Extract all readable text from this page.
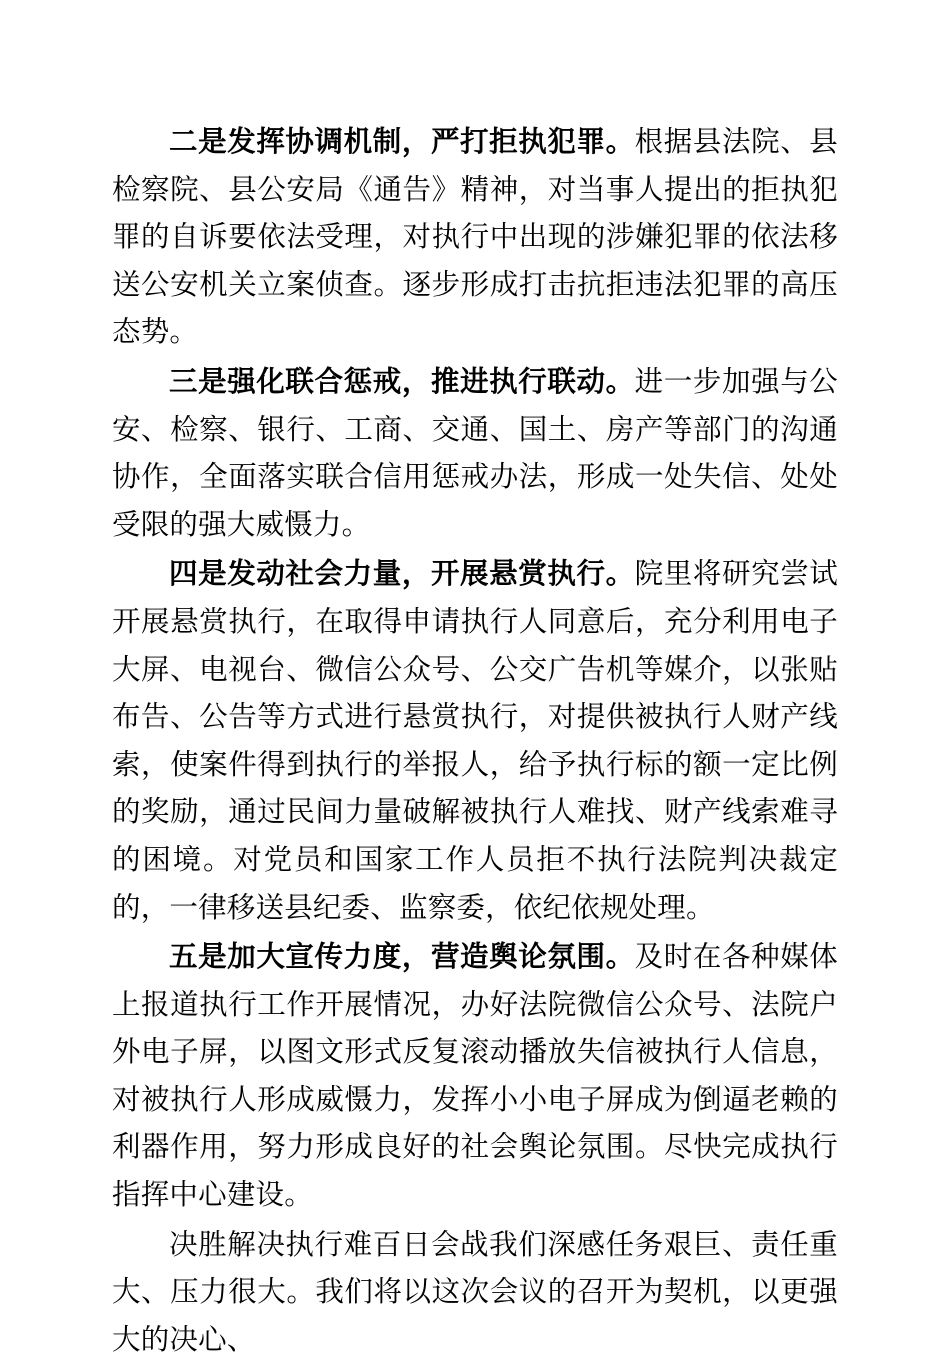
二是发挥协调机制，严打拒执犯罪。根据县法院、县检察院、县公安局《通告》精神，对当事人提出的拒执犯罪的自诉要依法受理，对执行中出现的涉嫌犯罪的依法移送公安机关立案侦查。逐步形成打击抗拒违法犯罪的高压态势。

三是强化联合惩戒，推进执行联动。进一步加强与公安、检察、银行、工商、交通、国土、房产等部门的沟通协作，全面落实联合信用惩戒办法，形成一处失信、处处受限的强大威慑力。

四是发动社会力量，开展悬赏执行。院里将研究尝试开展悬赏执行，在取得申请执行人同意后，充分利用电子大屏、电视台、微信公众号、公交广告机等媒介，以张贴布告、公告等方式进行悬赏执行，对提供被执行人财产线索，使案件得到执行的举报人，给予执行标的额一定比例的奖励，通过民间力量破解被执行人难找、财产线索难寻的困境。对党员和国家工作人员拒不执行法院判决裁定的，一律移送县纪委、监察委，依纪依规处理。

五是加大宣传力度，营造舆论氛围。及时在各种媒体上报道执行工作开展情况，办好法院微信公众号、法院户外电子屏，以图文形式反复滚动播放失信被执行人信息，对被执行人形成威慑力，发挥小小电子屏成为倒逼老赖的利器作用，努力形成良好的社会舆论氛围。尽快完成执行指挥中心建设。

决胜解决执行难百日会战我们深感任务艰巨、责任重大、压力很大。我们将以这次会议的召开为契机，以更强大的决心、
